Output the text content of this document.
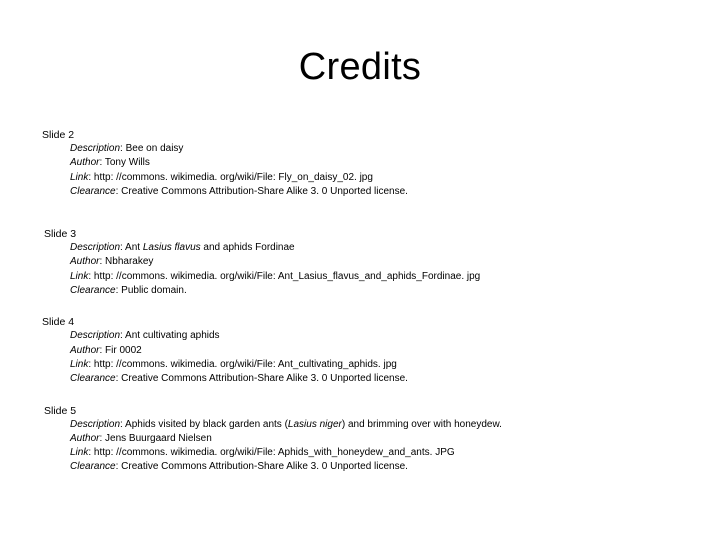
Credits
Slide 2
Description: Bee on daisy
Author: Tony Wills
Link: http: //commons. wikimedia. org/wiki/File: Fly_on_daisy_02. jpg
Clearance: Creative Commons Attribution-Share Alike 3. 0 Unported license.
Slide 3
Description: Ant Lasius flavus and aphids Fordinae
Author: Nbharakey
Link: http: //commons. wikimedia. org/wiki/File: Ant_Lasius_flavus_and_aphids_Fordinae. jpg
Clearance: Public domain.
Slide 4
Description: Ant cultivating aphids
Author: Fir 0002
Link: http: //commons. wikimedia. org/wiki/File: Ant_cultivating_aphids. jpg
Clearance: Creative Commons Attribution-Share Alike 3. 0 Unported license.
Slide 5
Description: Aphids visited by black garden ants (Lasius niger) and brimming over with honeydew.
Author: Jens Buurgaard Nielsen
Link: http: //commons. wikimedia. org/wiki/File: Aphids_with_honeydew_and_ants. JPG
Clearance: Creative Commons Attribution-Share Alike 3. 0 Unported license.
